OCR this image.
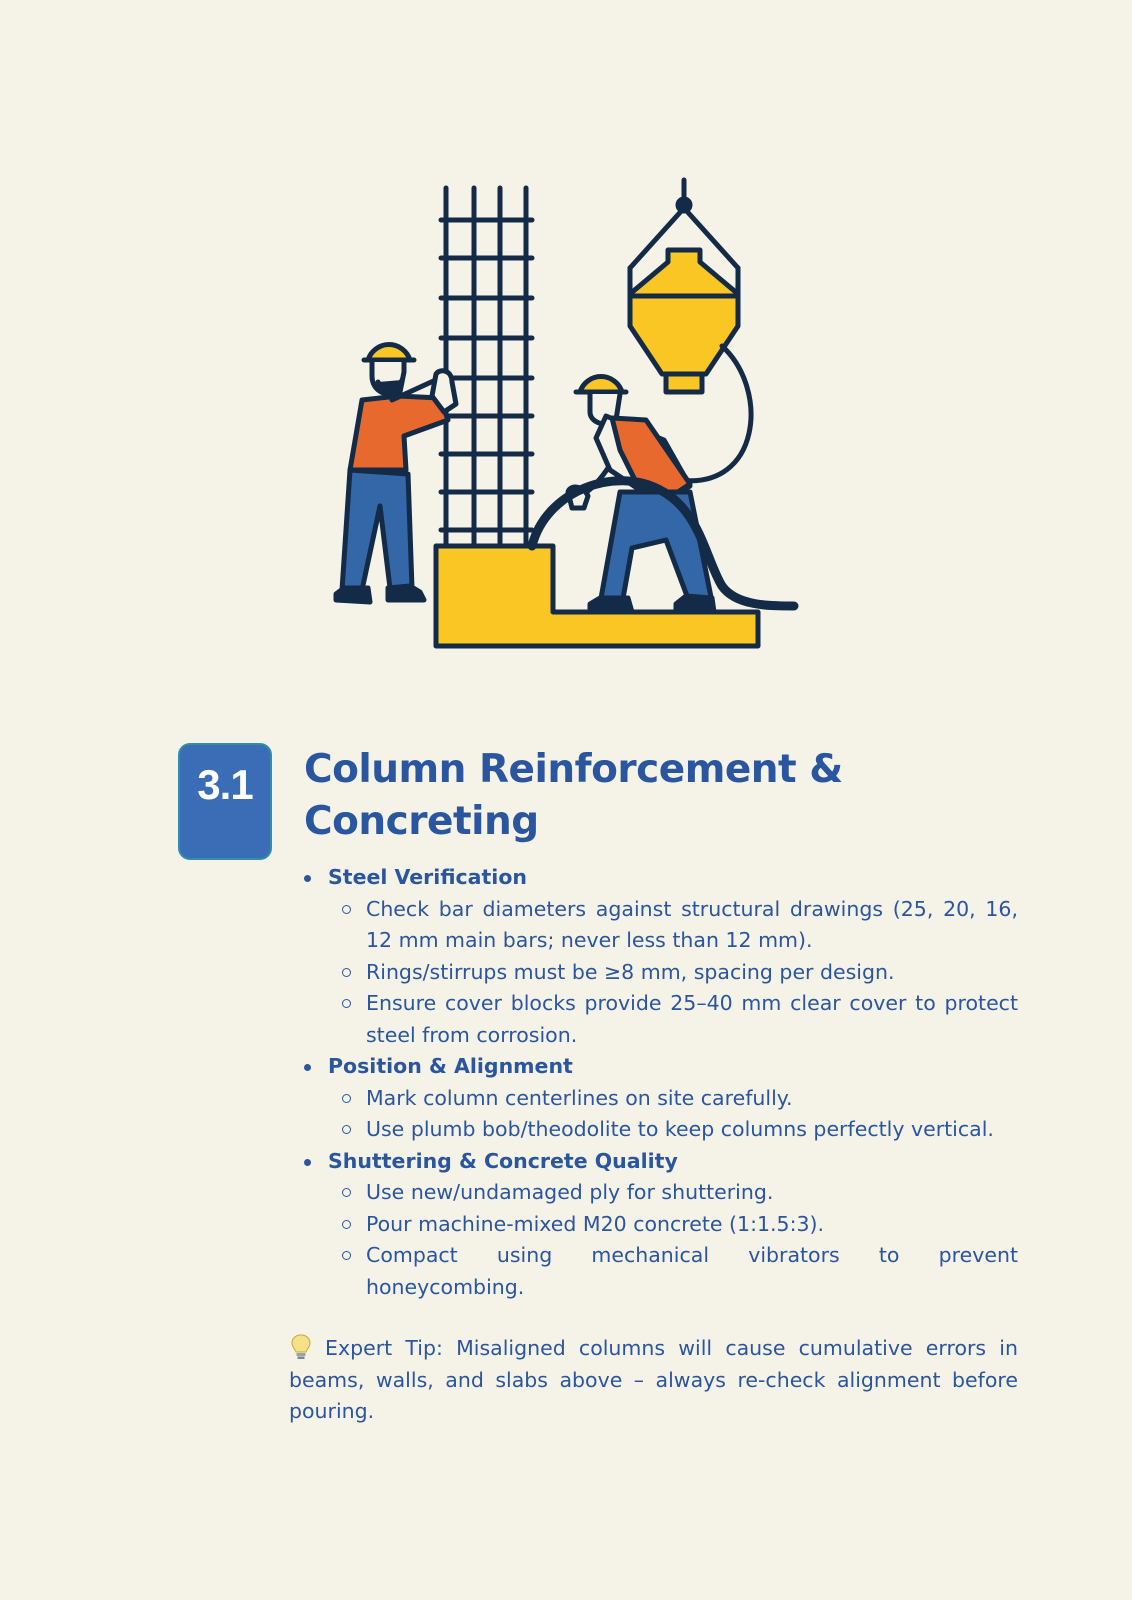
3.1	Column Reinforcement & Concreting
Steel Verification
Check bar diameters against structural drawings (25, 20, 16, 12 mm main bars; never less than 12 mm).
Rings/stirrups must be ≥8 mm, spacing per design.
Ensure cover blocks provide 25–40 mm clear cover to protect steel from corrosion.
Position & Alignment
Mark column centerlines on site carefully.
Use plumb bob/theodolite to keep columns perfectly vertical.
Shuttering & Concrete Quality
Use new/undamaged ply for shuttering.
Pour machine-mixed M20 concrete (1:1.5:3).
Compact using mechanical vibrators to prevent honeycombing.

Expert Tip: Misaligned columns will cause cumulative errors in beams, walls, and slabs above – always re-check alignment before pouring.
